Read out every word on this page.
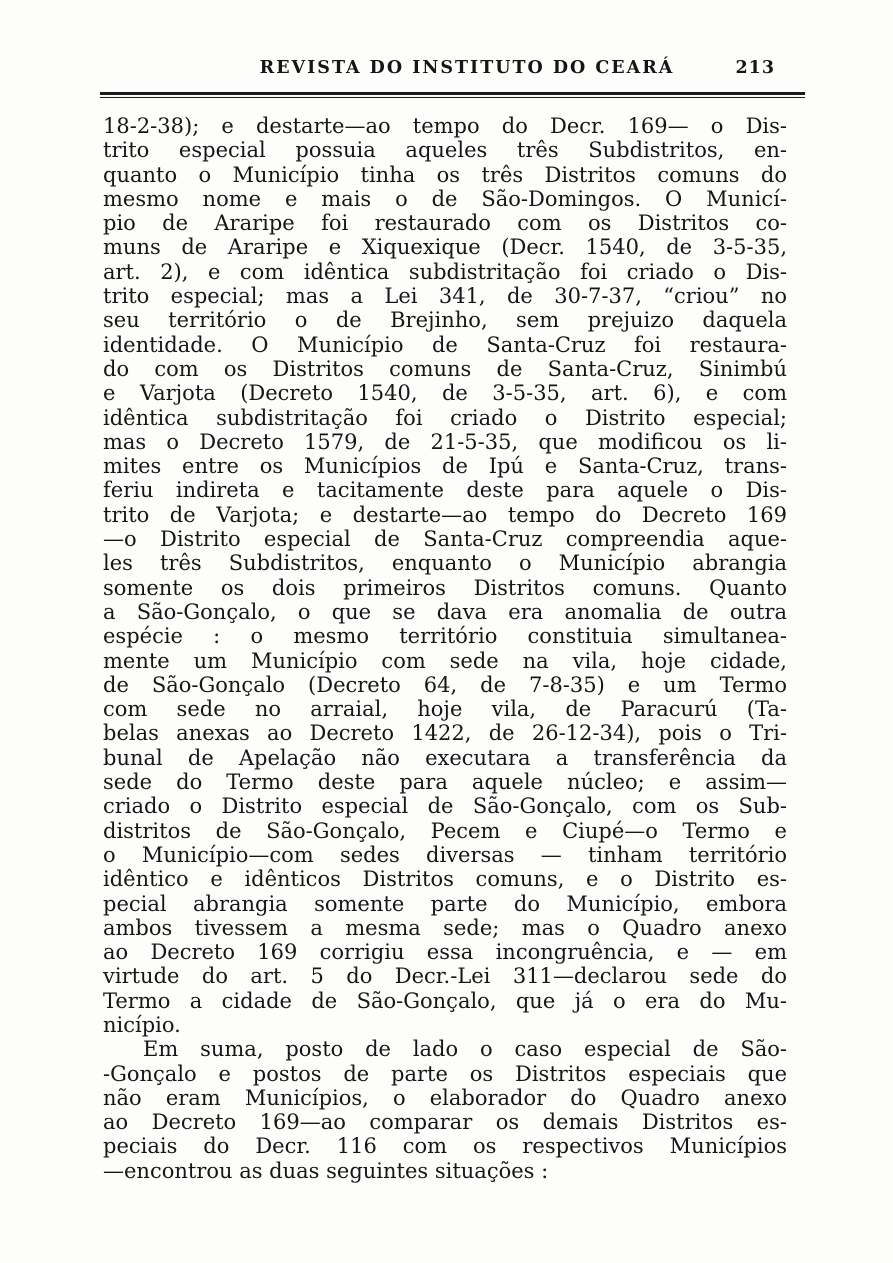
REVISTA DO INSTITUTO DO CEARÁ	213
18-2-38); e destarte—ao tempo do Decr. 169— o Dis-
trito especial possuia aqueles três Subdistritos, en-
quanto o Município tinha os três Distritos comuns do
mesmo nome e mais o de São-Domingos. O Municí-
pio de Araripe foi restaurado com os Distritos co-
muns de Araripe e Xiquexique (Decr. 1540, de 3-5-35,
art. 2), e com idêntica subdistritação foi criado o Dis-
trito especial; mas a Lei 341, de 30-7-37, “criou” no
seu território o de Brejinho, sem prejuizo daquela
identidade. O Município de Santa-Cruz foi restaura-
do com os Distritos comuns de Santa-Cruz, Sinimbú
e Varjota (Decreto 1540, de 3-5-35, art. 6), e com
idêntica subdistritação foi criado o Distrito especial;
mas o Decreto 1579, de 21-5-35, que modificou os li-
mites entre os Municípios de Ipú e Santa-Cruz, trans-
feriu indireta e tacitamente deste para aquele o Dis-
trito de Varjota; e destarte—ao tempo do Decreto 169
—o Distrito especial de Santa-Cruz compreendia aque-
les três Subdistritos, enquanto o Município abrangia
somente os dois primeiros Distritos comuns. Quanto
a São-Gonçalo, o que se dava era anomalia de outra
espécie : o mesmo território constituia simultanea-
mente um Município com sede na vila, hoje cidade,
de São-Gonçalo (Decreto 64, de 7-8-35) e um Termo
com sede no arraial, hoje vila, de Paracurú (Ta-
belas anexas ao Decreto 1422, de 26-12-34), pois o Tri-
bunal de Apelação não executara a transferência da
sede do Termo deste para aquele núcleo; e assim—
criado o Distrito especial de São-Gonçalo, com os Sub-
distritos de São-Gonçalo, Pecem e Ciupé—o Termo e
o Município—com sedes diversas — tinham território
idêntico e idênticos Distritos comuns, e o Distrito es-
pecial abrangia somente parte do Município, embora
ambos tivessem a mesma sede; mas o Quadro anexo
ao Decreto 169 corrigiu essa incongruência, e — em
virtude do art. 5 do Decr.-Lei 311—declarou sede do
Termo a cidade de São-Gonçalo, que já o era do Mu-
nicípio.
Em suma, posto de lado o caso especial de São-
-Gonçalo e postos de parte os Distritos especiais que
não eram Municípios, o elaborador do Quadro anexo
ao Decreto 169—ao comparar os demais Distritos es-
peciais do Decr. 116 com os respectivos Municípios
—encontrou as duas seguintes situações :
